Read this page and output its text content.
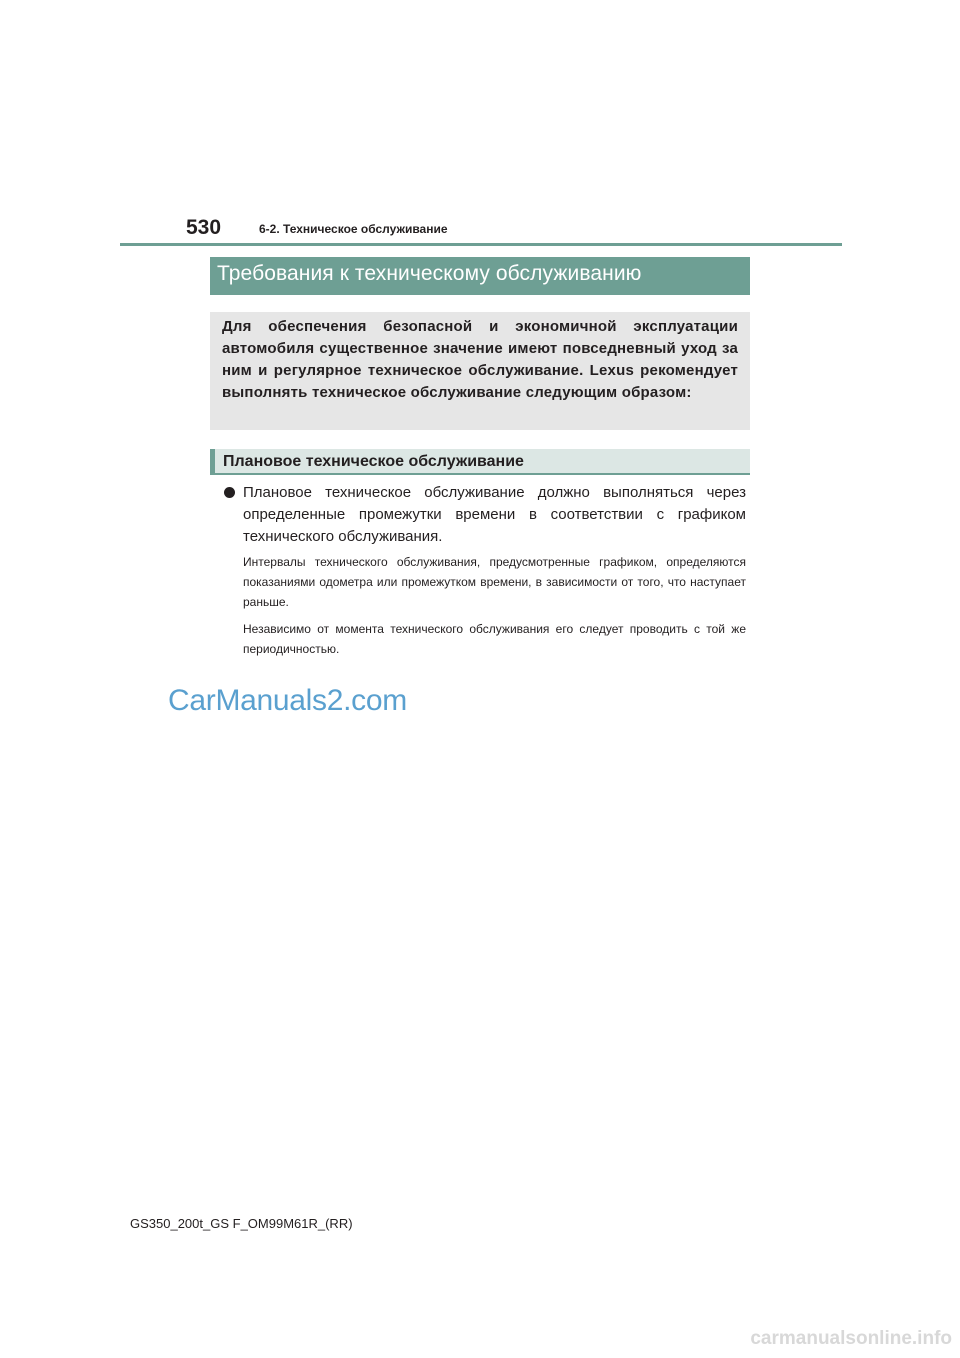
530	6-2. Техническое обслуживание
Требования к техническому обслуживанию
Для обеспечения безопасной и экономичной эксплуатации автомобиля существенное значение имеют повседневный уход за ним и регулярное техническое обслуживание. Lexus рекомендует выполнять техническое обслуживание следующим образом:
Плановое техническое обслуживание
Плановое техническое обслуживание должно выполняться через определенные промежутки времени в соответствии с графиком технического обслуживания.
Интервалы технического обслуживания, предусмотренные графиком, определяются показаниями одометра или промежутком времени, в зависимости от того, что наступает раньше.
Независимо от момента технического обслуживания его следует проводить с той же периодичностью.
CarManuals2.com
GS350_200t_GS F_OM99M61R_(RR)
carmanualsonline.info
